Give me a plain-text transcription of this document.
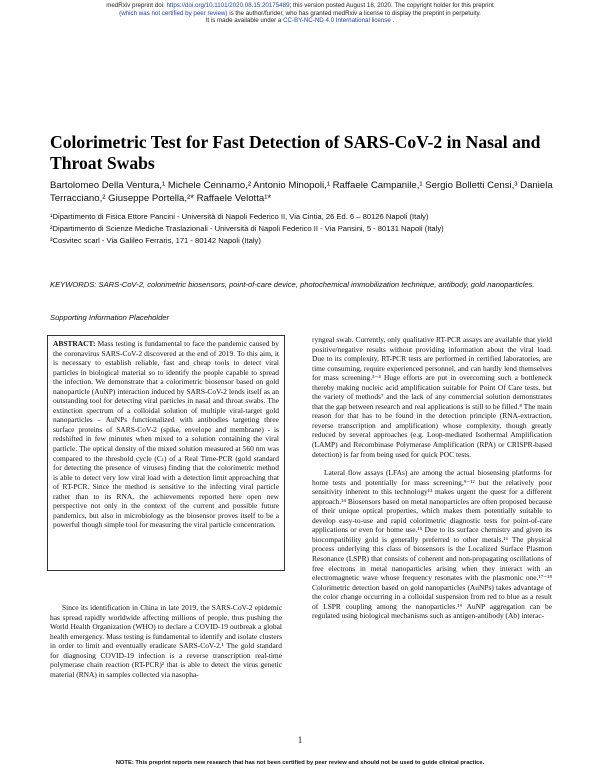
medRxiv preprint doi: https://doi.org/10.1101/2020.08.15.20175489; this version posted August 18, 2020. The copyright holder for this preprint
(which was not certified by peer review) is the author/funder, who has granted medRxiv a license to display the preprint in perpetuity.
It is made available under a CC-BY-NC-ND 4.0 International license .
Colorimetric Test for Fast Detection of SARS-CoV-2 in Nasal and Throat Swabs
Bartolomeo Della Ventura,¹ Michele Cennamo,² Antonio Minopoli,¹ Raffaele Campanile,¹ Sergio Bolletti Censi,³ Daniela Terracciano,² Giuseppe Portella,²* Raffaele Velotta¹*
¹Dipartimento di Fisica Ettore Pancini - Università di Napoli Federico II, Via Cintia, 26 Ed. 6 – 80126 Napoli (Italy)
²Dipartimento di Scienze Mediche Traslazionali - Università di Napoli Federico II - Via Pansini, 5 - 80131 Napoli (Italy)
³Cosvitec scarl - Via Galileo Ferraris, 171 - 80142 Napoli (Italy)
KEYWORDS: SARS-CoV-2, colorimetric biosensors, point-of-care device, photochemical immobilization technique, antibody, gold nanoparticles.
Supporting Information Placeholder
ABSTRACT: Mass testing is fundamental to face the pandemic caused by the coronavirus SARS-CoV-2 discovered at the end of 2019. To this aim, it is necessary to establish reliable, fast and cheap tools to detect viral particles in biological material so to identify the people capable to spread the infection. We demonstrate that a colorimetric biosensor based on gold nanoparticle (AuNP) interaction induced by SARS-CoV-2 lends itself as an outstanding tool for detecting viral particles in nasal and throat swabs. The extinction spectrum of a colloidal solution of multiple viral-target gold nanoparticles – AuNPs functionalized with antibodies targeting three surface proteins of SARS-CoV-2 (spike, envelope and membrane) - is redshifted in few minutes when mixed to a solution containing the viral particle. The optical density of the mixed solution measured at 560 nm was compared to the threshold cycle (Cₜ) of a Real Time-PCR (gold standard for detecting the presence of viruses) finding that the colorimetric method is able to detect very low viral load with a detection limit approaching that of RT-PCR. Since the method is sensitive to the infecting viral particle rather than to its RNA, the achievements reported here open new perspective not only in the context of the current and possible future pandemics, but also in microbiology as the biosensor proves itself to be a powerful though simple tool for measuring the viral particle concentration.

Since its identification in China in late 2019, the SARS-CoV-2 epidemic has spread rapidly worldwide affecting millions of people, thus pushing the World Health Organization (WHO) to declare a COVID-19 outbreak a global health emergency. Mass testing is fundamental to identify and isolate clusters in order to limit and eventually eradicate SARS-CoV-2.¹ The gold standard for diagnosing COVID-19 infection is a reverse transcription real-time polymerase chain reaction (RT-PCR)² that is able to detect the virus genetic material (RNA) in samples collected via nasopha-

ryngeal swab. Currently, only qualitative RT-PCR assays are available that yield positive/negative results without providing information about the viral load. Due to its complexity, RT-PCR tests are performed in certified laboratories, are time consuming, require experienced personnel, and can hardly lend themselves for mass screening.³⁻⁴ Huge efforts are put in overcoming such a bottleneck thereby making nucleic acid amplification suitable for Point Of Care tests, but the variety of methods⁷ and the lack of any commercial solution demonstrates that the gap between research and real applications is still to be filled.⁸ The main reason for that has to be found in the detection principle (RNA-extraction, reverse transcription and amplification) whose complexity, though greatly reduced by several approaches (e.g. Loop-mediated Isothermal Amplification (LAMP) and Recombinase Polymerase Amplification (RPA) or CRISPR-based detection) is far from being used for quick POC tests.

Lateral flow assays (LFAs) are among the actual biosensing platforms for home tests and potentially for mass screening,⁹⁻¹² but the relatively poor sensitivity inherent to this technology¹³ makes urgent the quest for a different approach.¹⁴ Biosensors based on metal nanoparticles are often proposed because of their unique optical properties, which makes them potentially suitable to develop easy-to-use and rapid colorimetric diagnostic tests for point-of-care applications or even for home use.¹⁵ Due to its surface chemistry and given its biocompatibility gold is generally preferred to other metals.¹⁶ The physical process underlying this class of biosensors is the Localized Surface Plasmon Resonance (LSPR) that consists of coherent and non-propagating oscillations of free electrons in metal nanoparticles arising when they interact with an electromagnetic wave whose frequency resonates with the plasmonic one.¹⁷⁻¹⁸ Colorimetric detection based on gold nanoparticles (AuNPs) takes advantage of the color change occurring in a colloidal suspension from red to blue as a result of LSPR coupling among the nanoparticles.¹⁹ AuNP aggregation can be regulated using biological mechanisms such as antigen-antibody (Ab) interac-

1
NOTE: This preprint reports new research that has not been certified by peer review and should not be used to guide clinical practice.
